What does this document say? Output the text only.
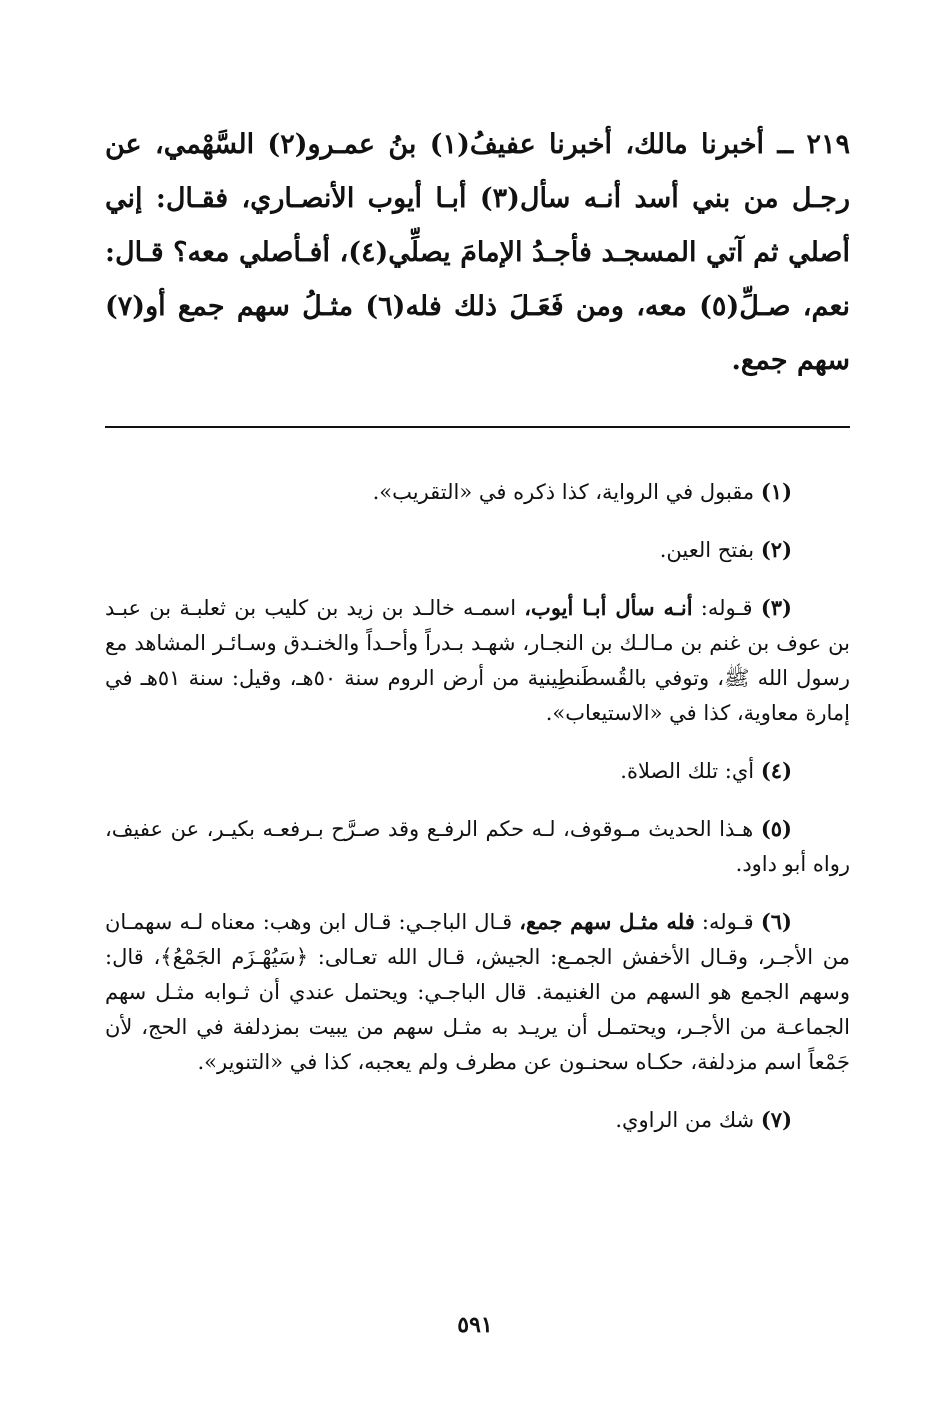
٢١٩ ــ أخبرنا مالك، أخبرنا عفيفُ(١) بنُ عمـرو(٢) السَّهْمي، عن رجـل من بني أسد أنـه سأل(٣) أبـا أيوب الأنصـاري، فقـال: إني أصلي ثم آتي المسجـد فأجـدُ الإمامَ يصلِّي(٤)، أفـأصلي معه؟ قـال: نعم، صـلِّ(٥) معه، ومن فَعَـلَ ذلك فله(٦) مثـلُ سهم جمع أو(٧) سهم جمع.

(١) مقبول في الرواية، كذا ذكره في «التقريب».

(٢) بفتح العين.

(٣) قـوله: أنـه سأل أبـا أيوب، اسمـه خالـد بن زيد بن كليب بن ثعلبـة بن عبـد بن عوف بن غنم بن مـالـك بن النجـار، شهـد بـدراً وأحـداً والخنـدق وسـائـر المشاهد مع رسول الله ﷺ، وتوفي بالقُسطَنطِينية من أرض الروم سنة ٥٠هـ، وقيل: سنة ٥١هـ في إمارة معاوية، كذا في «الاستيعاب».

(٤) أي: تلك الصلاة.

(٥) هـذا الحديث مـوقوف، لـه حكم الرفـع وقد صـرَّح بـرفعـه بكيـر، عن عفيف، رواه أبو داود.

(٦) قـوله: فله مثـل سهم جمع، قـال الباجـي: قـال ابن وهب: معناه لـه سهمـان من الأجـر، وقـال الأخفش الجمـع: الجيش، قـال الله تعـالى: ﴿سَيُهْـزَم الجَمْعُ﴾، قال: وسهم الجمع هو السهم من الغنيمة. قال الباجـي: ويحتمل عندي أن ثـوابه مثـل سهم الجماعـة من الأجـر، ويحتمـل أن يريـد به مثـل سهم من يبيت بمزدلفة في الحج، لأن جَمْعاً اسم مزدلفة، حكـاه سحنـون عن مطرف ولم يعجبه، كذا في «التنوير».

(٧) شك من الراوي.

٥٩١
